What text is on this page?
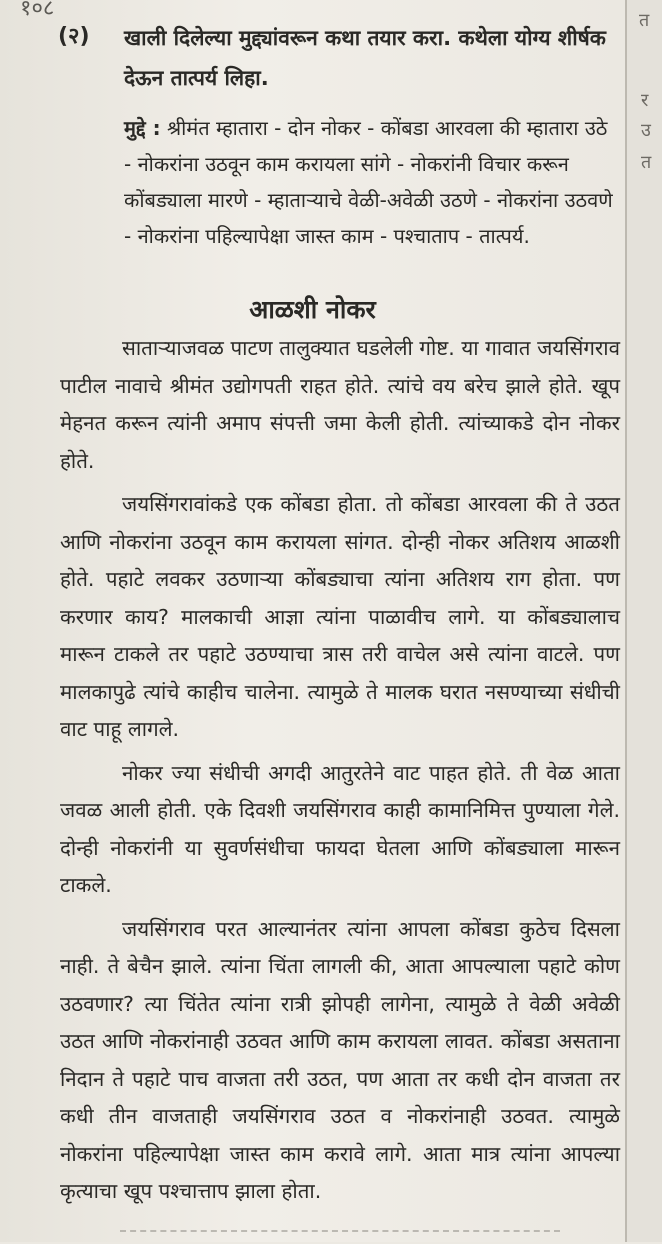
१०८
(२) खाली दिलेल्या मुद्द्यांवरून कथा तयार करा. कथेला योग्य शीर्षक देऊन तात्पर्य लिहा.
मुद्दे : श्रीमंत म्हातारा - दोन नोकर - कोंबडा आरवला की म्हातारा उठे - नोकरांना उठवून काम करायला सांगे - नोकरांनी विचार करून कोंबड्याला मारणे - म्हाताऱ्याचे वेळी-अवेळी उठणे - नोकरांना उठवणे - नोकरांना पहिल्यापेक्षा जास्त काम - पश्चाताप - तात्पर्य.
आळशी नोकर

साताऱ्याजवळ पाटण तालुक्यात घडलेली गोष्ट. या गावात जयसिंगराव पाटील नावाचे श्रीमंत उद्योगपती राहत होते. त्यांचे वय बरेच झाले होते. खूप मेहनत करून त्यांनी अमाप संपत्ती जमा केली होती. त्यांच्याकडे दोन नोकर होते.

जयसिंगरावांकडे एक कोंबडा होता. तो कोंबडा आरवला की ते उठत आणि नोकरांना उठवून काम करायला सांगत. दोन्ही नोकर अतिशय आळशी होते. पहाटे लवकर उठणाऱ्या कोंबड्याचा त्यांना अतिशय राग होता. पण करणार काय? मालकाची आज्ञा त्यांना पाळावीच लागे. या कोंबड्यालाच मारून टाकले तर पहाटे उठण्याचा त्रास तरी वाचेल असे त्यांना वाटले. पण मालकापुढे त्यांचे काहीच चालेना. त्यामुळे ते मालक घरात नसण्याच्या संधीची वाट पाहू लागले.

नोकर ज्या संधीची अगदी आतुरतेने वाट पाहत होते. ती वेळ आता जवळ आली होती. एके दिवशी जयसिंगराव काही कामानिमित्त पुण्याला गेले. दोन्ही नोकरांनी या सुवर्णसंधीचा फायदा घेतला आणि कोंबड्याला मारून टाकले.

जयसिंगराव परत आल्यानंतर त्यांना आपला कोंबडा कुठेच दिसला नाही. ते बेचैन झाले. त्यांना चिंता लागली की, आता आपल्याला पहाटे कोण उठवणार? त्या चिंतेत त्यांना रात्री झोपही लागेना, त्यामुळे ते वेळी अवेळी उठत आणि नोकरांनाही उठवत आणि काम करायला लावत. कोंबडा असताना निदान ते पहाटे पाच वाजता तरी उठत, पण आता तर कधी दोन वाजता तर कधी तीन वाजताही जयसिंगराव उठत व नोकरांनाही उठवत. त्यामुळे नोकरांना पहिल्यापेक्षा जास्त काम करावे लागे. आता मात्र त्यांना आपल्या कृत्याचा खूप पश्चात्ताप झाला होता.

त
र
उ
त
